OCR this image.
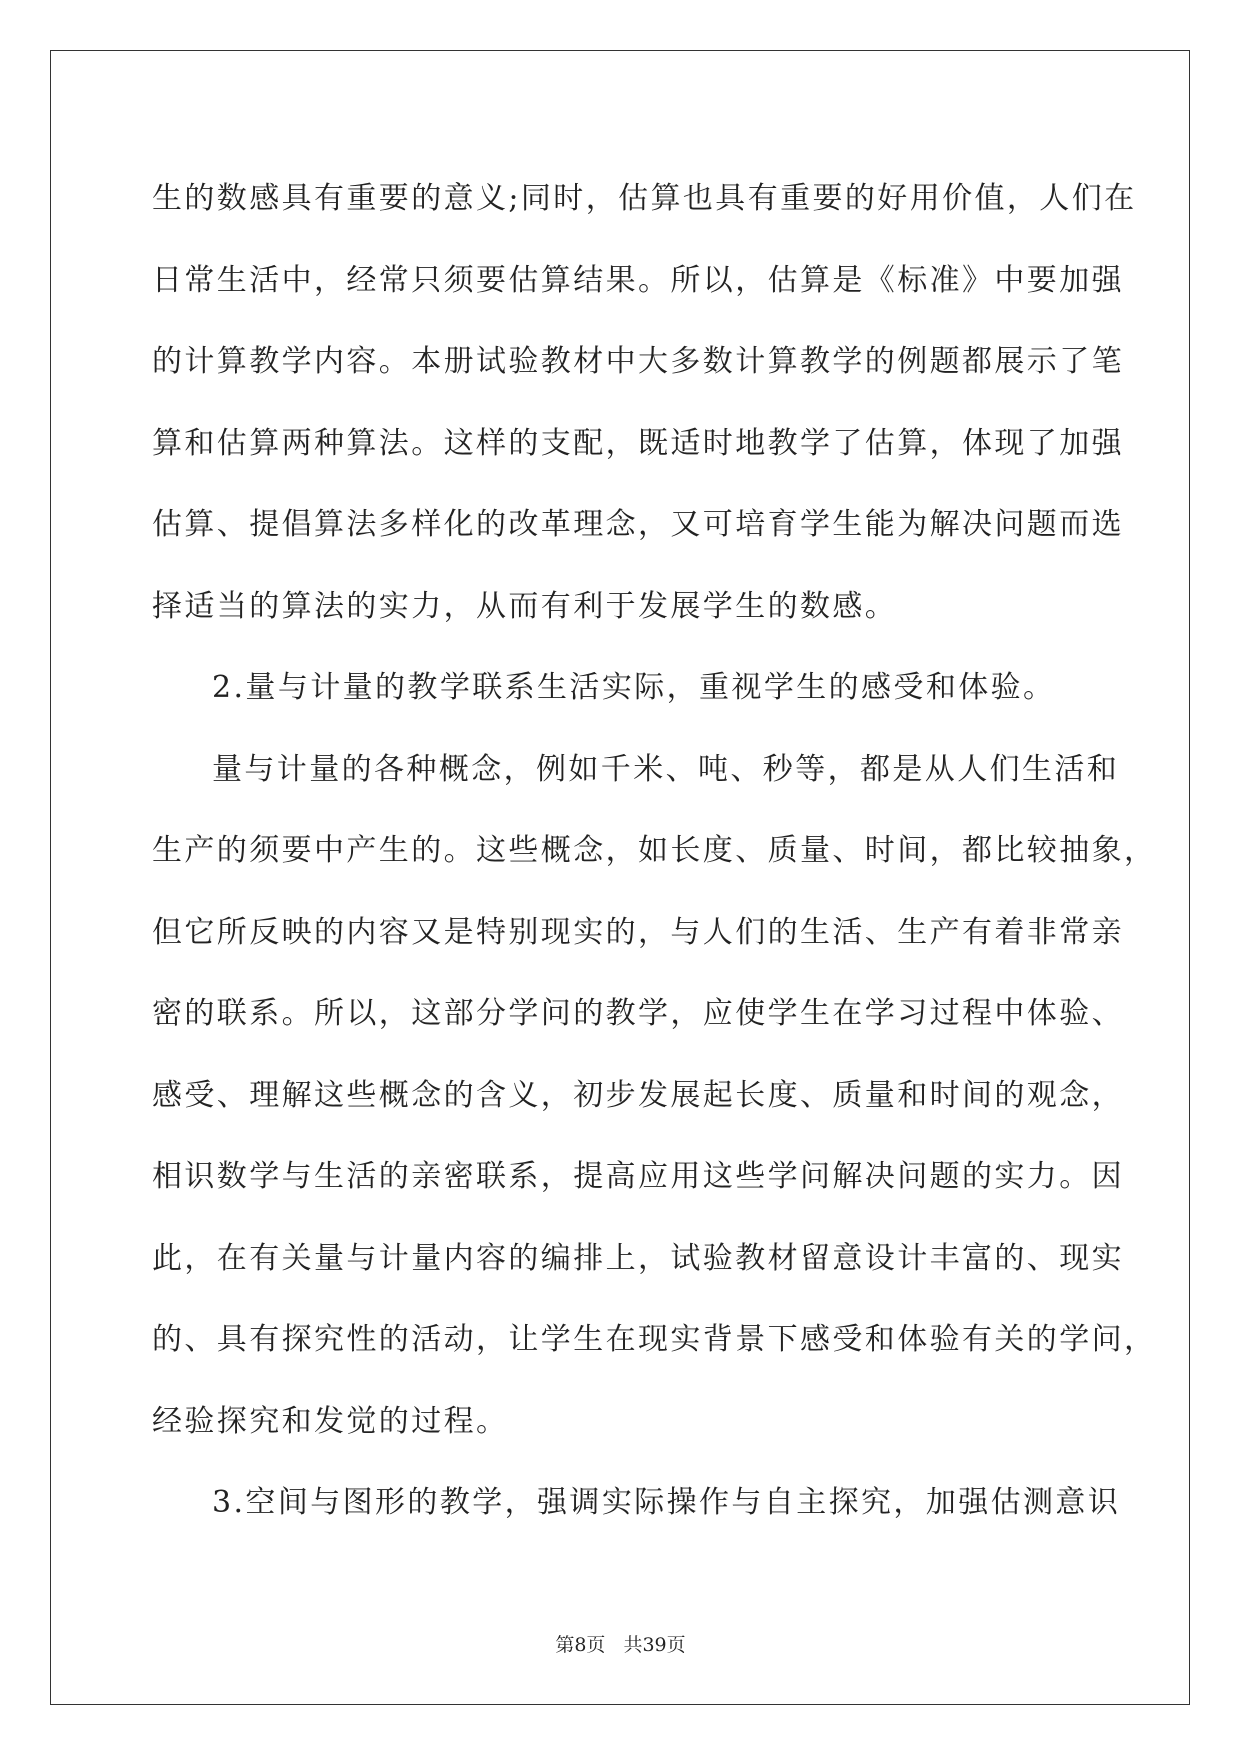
生的数感具有重要的意义;同时，估算也具有重要的好用价值，人们在
日常生活中，经常只须要估算结果。所以，估算是《标准》中要加强
的计算教学内容。本册试验教材中大多数计算教学的例题都展示了笔
算和估算两种算法。这样的支配，既适时地教学了估算，体现了加强
估算、提倡算法多样化的改革理念，又可培育学生能为解决问题而选
择适当的算法的实力，从而有利于发展学生的数感。
2.量与计量的教学联系生活实际，重视学生的感受和体验。
量与计量的各种概念，例如千米、吨、秒等，都是从人们生活和
生产的须要中产生的。这些概念，如长度、质量、时间，都比较抽象，
但它所反映的内容又是特别现实的，与人们的生活、生产有着非常亲
密的联系。所以，这部分学问的教学，应使学生在学习过程中体验、
感受、理解这些概念的含义，初步发展起长度、质量和时间的观念，
相识数学与生活的亲密联系，提高应用这些学问解决问题的实力。因
此，在有关量与计量内容的编排上，试验教材留意设计丰富的、现实
的、具有探究性的活动，让学生在现实背景下感受和体验有关的学问，
经验探究和发觉的过程。
3.空间与图形的教学，强调实际操作与自主探究，加强估测意识
第8页 共39页
